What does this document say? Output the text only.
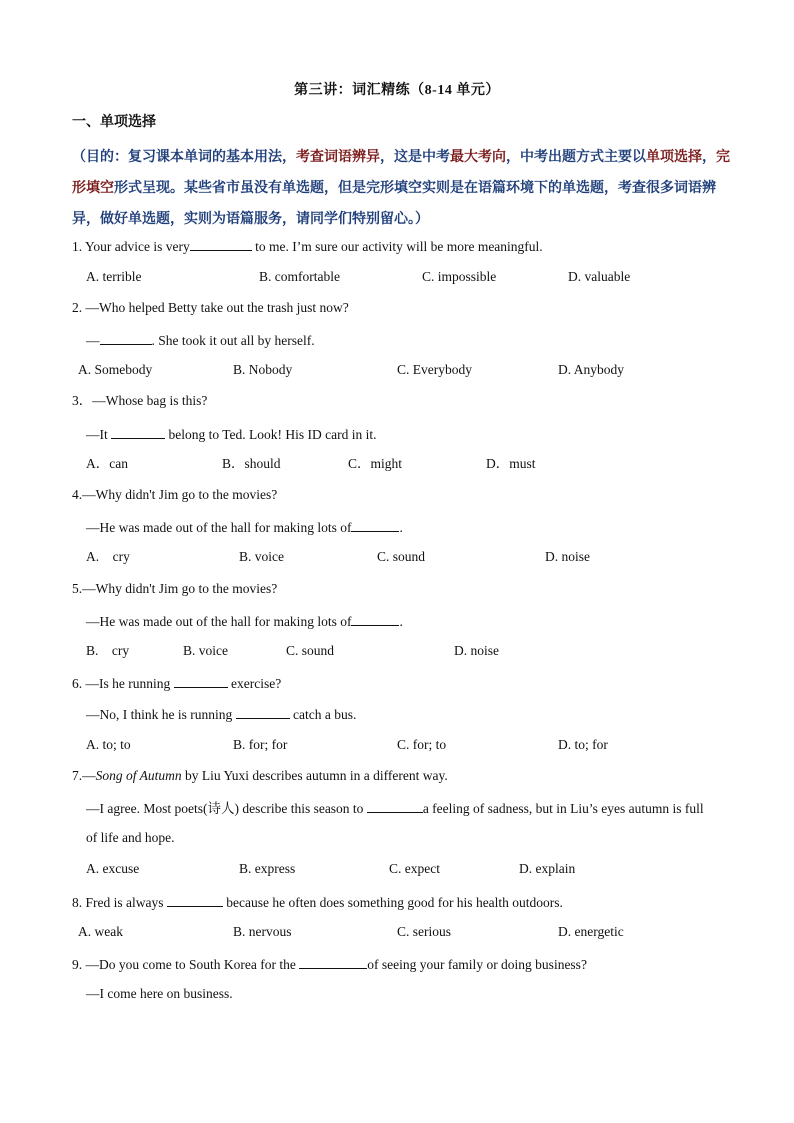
第三讲：词汇精练（8-14 单元）
一、单项选择
（目的：复习课本单词的基本用法，考查词语辨异，这是中考最大考向，中考出题方式主要以单项选择，完形填空形式呈现。某些省市虽没有单选题，但是完形填空实则是在语篇环境下的单选题，考查很多词语辨异，做好单选题，实则为语篇服务，请同学们特别留心。）
1. Your advice is very	to me. I’m sure our activity will be more meaningful.
A. terrible	B. comfortable	C. impossible	D. valuable
2. —Who helped Betty take out the trash just now?
—	. She took it out all by herself.
A. Somebody	B. Nobody	C. Everybody	D. Anybody
3．—Whose bag is this?
—It	belong to Ted. Look! His ID card in it.
A．can	B．should	C．might	D．must
4.—Why didn't Jim go to the movies?
—He was made out of the hall for making lots of	.
A.    cry	B. voice	C. sound	D. noise
5.—Why didn't Jim go to the movies?
—He was made out of the hall for making lots of	.
B.    cry	B. voice	C. sound	D. noise
6. —Is he running	exercise?
—No, I think he is running	catch a bus.
A. to; to	B. for; for	C. for; to	D. to; for
7.—Song of Autumn by Liu Yuxi describes autumn in a different way.
—I agree. Most poets(诗人) describe this season to	a feeling of sadness, but in Liu’s eyes autumn is full
of life and hope.
A. excuse	B. express	C. expect	D. explain
8. Fred is always	because he often does something good for his health outdoors.
A. weak	B. nervous	C. serious	D. energetic
9. —Do you come to South Korea for the	of seeing your family or doing business?
—I come here on business.
